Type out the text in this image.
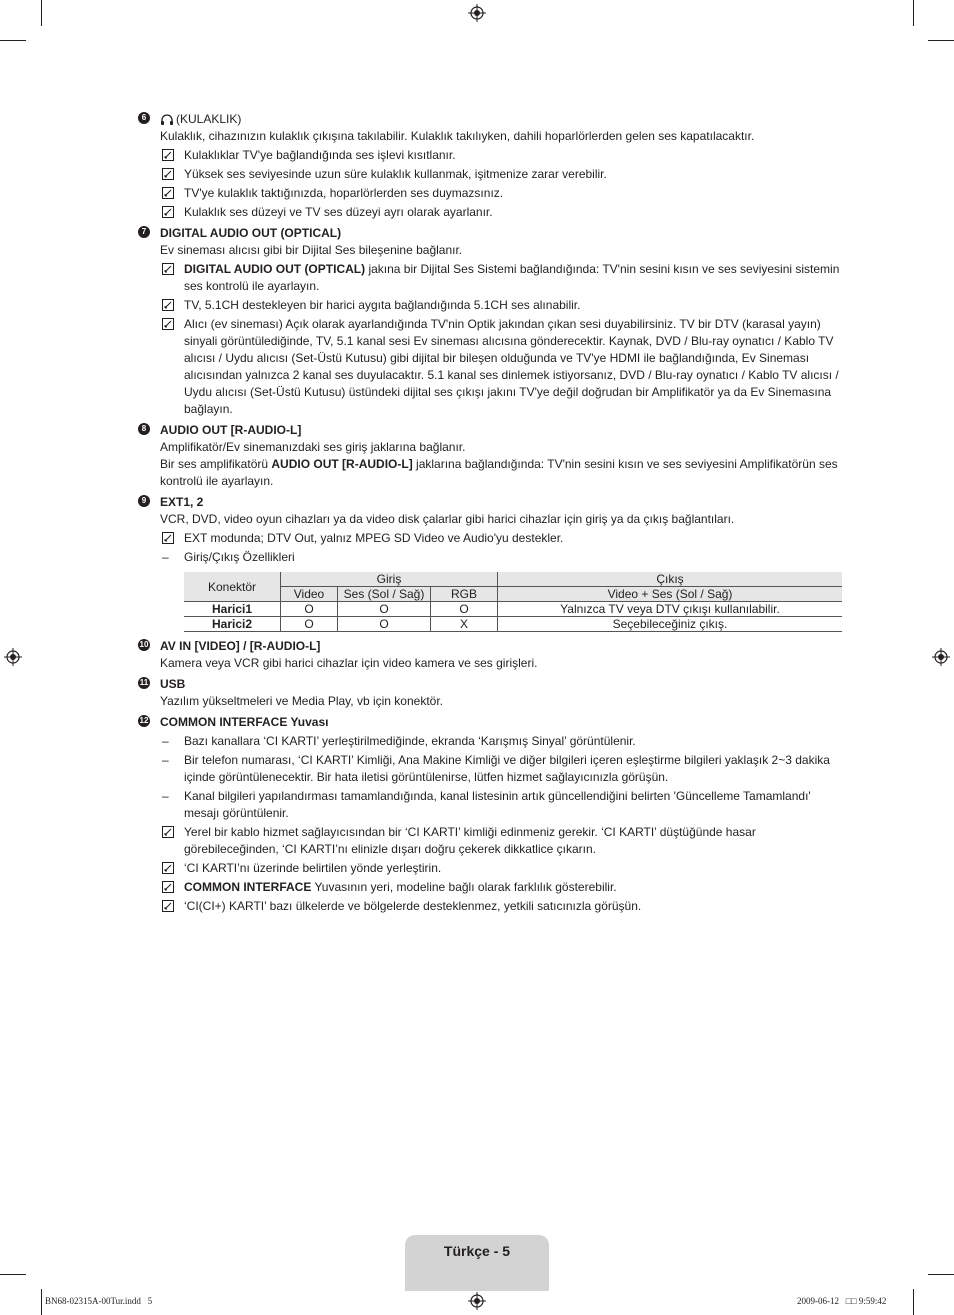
6	(KULAKLIK)

Kulaklık, cihazınızın kulaklık çıkışına takılabilir. Kulaklık takılıyken, dahili hoparlörlerden gelen ses kapatılacaktır.

Kulaklıklar TV'ye bağlandığında ses işlevi kısıtlanır.
Yüksek ses seviyesinde uzun süre kulaklık kullanmak, işitmenize zarar verebilir.
TV'ye kulaklık taktığınızda, hoparlörlerden ses duymazsınız.
Kulaklık ses düzeyi ve TV ses düzeyi ayrı olarak ayarlanır.
7	DIGITAL AUDIO OUT (OPTICAL)

Ev sineması alıcısı gibi bir Dijital Ses bileşenine bağlanır.

DIGITAL AUDIO OUT (OPTICAL) jakına bir Dijital Ses Sistemi bağlandığında: TV'nin sesini kısın ve ses seviyesini sistemin ses kontrolü ile ayarlayın.
TV, 5.1CH destekleyen bir harici aygıta bağlandığında 5.1CH ses alınabilir.
Alıcı (ev sineması) Açık olarak ayarlandığında TV'nin Optik jakından çıkan sesi duyabilirsiniz. TV bir DTV (karasal yayın) sinyali görüntülediğinde, TV, 5.1 kanal sesi Ev sineması alıcısına gönderecektir. Kaynak, DVD / Blu-ray oynatıcı / Kablo TV alıcısı / Uydu alıcısı (Set-Üstü Kutusu) gibi dijital bir bileşen olduğunda ve TV'ye HDMI ile bağlandığında, Ev Sineması alıcısından yalnızca 2 kanal ses duyulacaktır. 5.1 kanal ses dinlemek istiyorsanız, DVD / Blu-ray oynatıcı / Kablo TV alıcısı / Uydu alıcısı (Set-Üstü Kutusu) üstündeki dijital ses çıkışı jakını TV'ye değil doğrudan bir Amplifikatör ya da Ev Sinemasına bağlayın.
8	AUDIO OUT [R-AUDIO-L]

Amplifikatör/Ev sinemanızdaki ses giriş jaklarına bağlanır.

Bir ses amplifikatörü AUDIO OUT [R-AUDIO-L] jaklarına bağlandığında: TV'nin sesini kısın ve ses seviyesini Amplifikatörün ses kontrolü ile ayarlayın.

9	EXT1, 2

VCR, DVD, video oyun cihazları ya da video disk çalarlar gibi harici cihazlar için giriş ya da çıkış bağlantıları.

EXT modunda; DTV Out, yalnız MPEG SD Video ve Audio'yu destekler.
– Giriş/Çıkış Özellikleri
Konektör	Giriş			Çıkış
	Video	Ses (Sol / Sağ)	RGB	Video + Ses (Sol / Sağ)
Harici1	O	O	O	Yalnızca TV veya DTV çıkışı kullanılabilir.
Harici2	O	O	X	Seçebileceğiniz çıkış.
10 AV IN [VIDEO] / [R-AUDIO-L]

Kamera veya VCR gibi harici cihazlar için video kamera ve ses girişleri.

11 USB

Yazılım yükseltmeleri ve Media Play, vb için konektör.

12 COMMON INTERFACE Yuvası
– Bazı kanallara ‘CI KARTI’ yerleştirilmediğinde, ekranda ‘Karışmış Sinyal’ görüntülenir.
– Bir telefon numarası, ‘CI KARTI’ Kimliği, Ana Makine Kimliği ve diğer bilgileri içeren eşleştirme bilgileri yaklaşık 2~3 dakika içinde görüntülenecektir. Bir hata iletisi görüntülenirse, lütfen hizmet sağlayıcınızla görüşün.
– Kanal bilgileri yapılandırması tamamlandığında, kanal listesinin artık güncellendiğini belirten 'Güncelleme Tamamlandı' mesajı görüntülenir.
Yerel bir kablo hizmet sağlayıcısından bir ‘CI KARTI’ kimliği edinmeniz gerekir. ‘CI KARTI’ düştüğünde hasar görebileceğinden, ‘CI KARTI’nı elinizle dışarı doğru çekerek dikkatlice çıkarın.
‘CI KARTI’nı üzerinde belirtilen yönde yerleştirin.
COMMON INTERFACE Yuvasının yeri, modeline bağlı olarak farklılık gösterebilir.
‘CI(CI+) KARTI’ bazı ülkelerde ve bölgelerde desteklenmez, yetkili satıcınızla görüşün.
Türkçe - 5
BN68-02315A-00Tur.indd   5	2009-06-12   □□ 9:59:42
